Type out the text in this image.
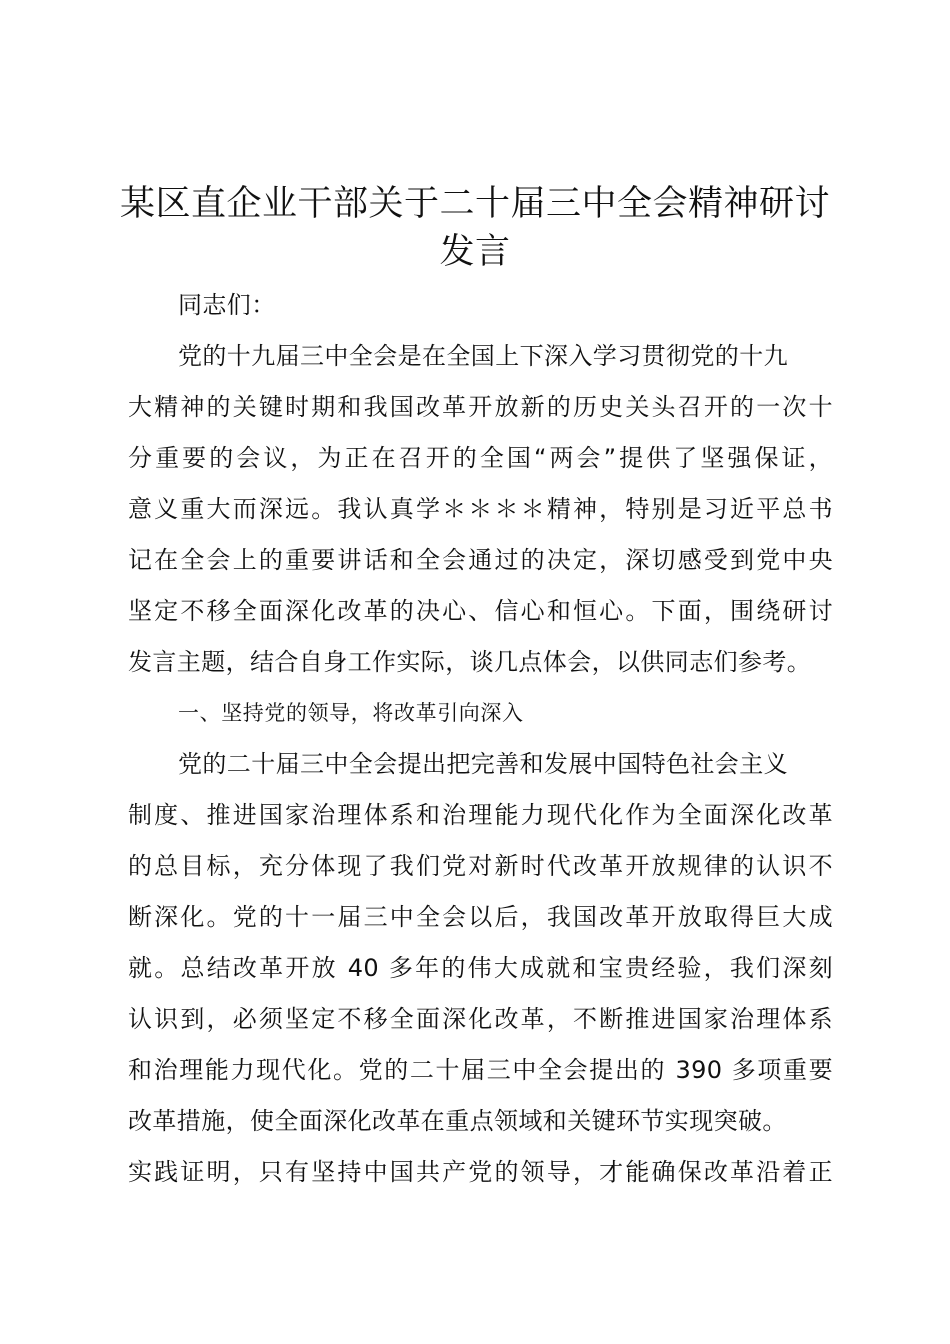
某区直企业干部关于二十届三中全会精神研讨
发言
同志们：
党的十九届三中全会是在全国上下深入学习贯彻党的十九
大精神的关键时期和我国改革开放新的历史关头召开的一次十
分重要的会议，为正在召开的全国“两会”提供了坚强保证，
意义重大而深远。我认真学＊＊＊＊精神，特别是习近平总书
记在全会上的重要讲话和全会通过的决定，深切感受到党中央
坚定不移全面深化改革的决心、信心和恒心。下面，围绕研讨
发言主题，结合自身工作实际，谈几点体会，以供同志们参考。
一、坚持党的领导，将改革引向深入
党的二十届三中全会提出把完善和发展中国特色社会主义
制度、推进国家治理体系和治理能力现代化作为全面深化改革
的总目标，充分体现了我们党对新时代改革开放规律的认识不
断深化。党的十一届三中全会以后，我国改革开放取得巨大成
就。总结改革开放 40 多年的伟大成就和宝贵经验，我们深刻
认识到，必须坚定不移全面深化改革，不断推进国家治理体系
和治理能力现代化。党的二十届三中全会提出的 390 多项重要
改革措施，使全面深化改革在重点领域和关键环节实现突破。
实践证明，只有坚持中国共产党的领导，才能确保改革沿着正
